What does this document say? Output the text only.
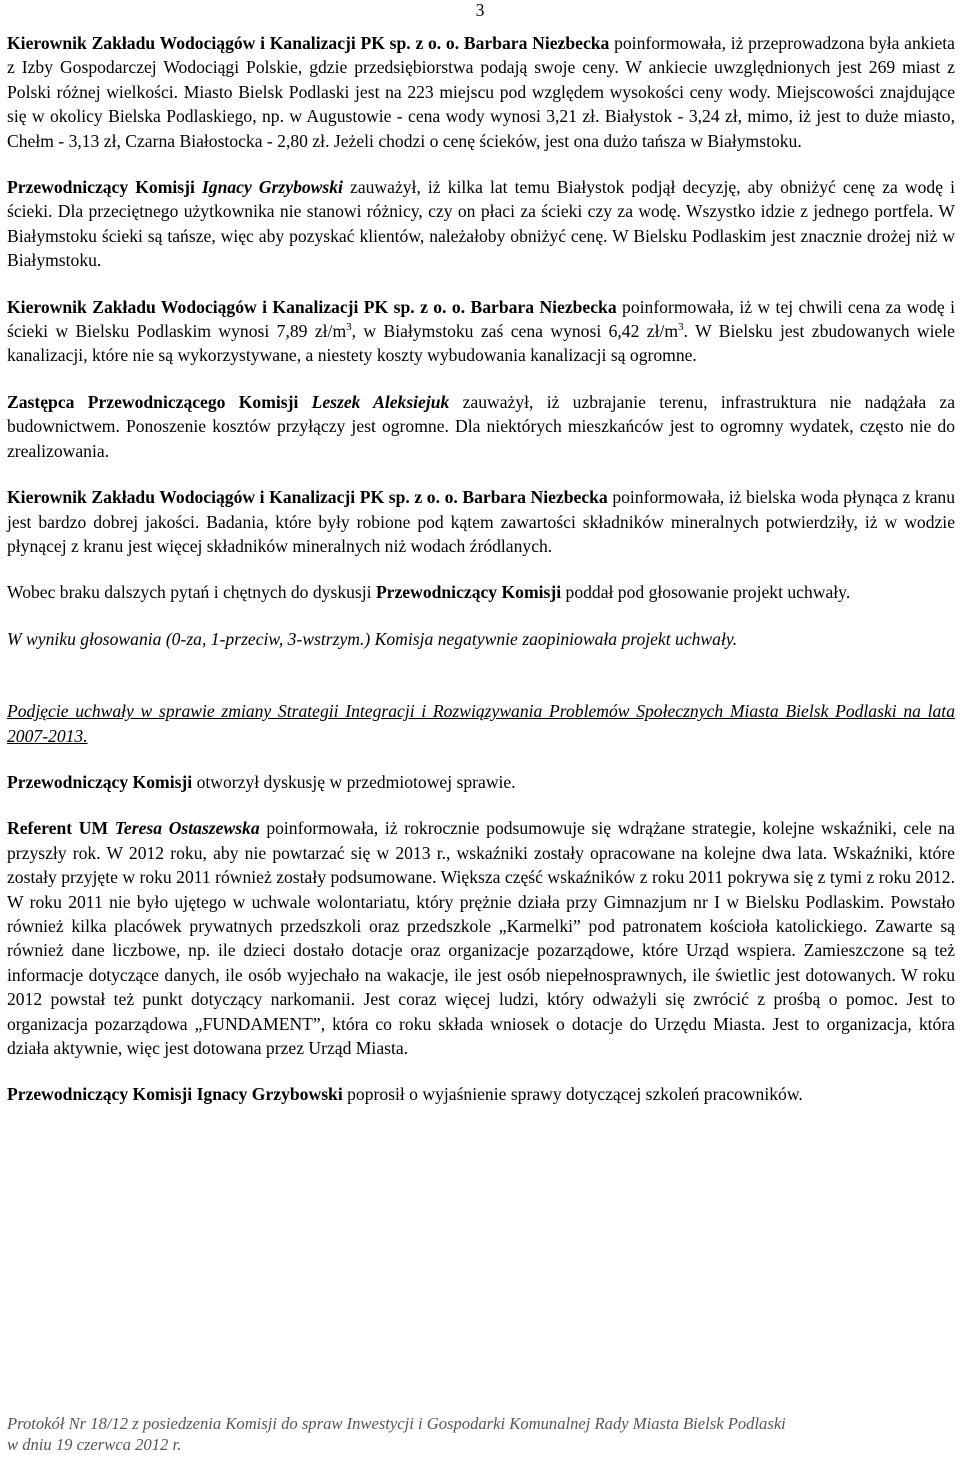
3

Kierownik Zakładu Wodociągów i Kanalizacji PK sp. z o. o. Barbara Niezbecka poinformowała, iż przeprowadzona była ankieta z Izby Gospodarczej Wodociągi Polskie, gdzie przedsiębiorstwa podają swoje ceny. W ankiecie uwzględnionych jest 269 miast z Polski różnej wielkości. Miasto Bielsk Podlaski jest na 223 miejscu pod względem wysokości ceny wody. Miejscowości znajdujące się w okolicy Bielska Podlaskiego, np. w Augustowie - cena wody wynosi 3,21 zł. Białystok - 3,24 zł, mimo, iż jest to duże miasto, Chełm - 3,13 zł, Czarna Białostocka - 2,80 zł. Jeżeli chodzi o cenę ścieków, jest ona dużo tańsza w Białymstoku.

Przewodniczący Komisji Ignacy Grzybowski zauważył, iż kilka lat temu Białystok podjął decyzję, aby obniżyć cenę za wodę i ścieki. Dla przeciętnego użytkownika nie stanowi różnicy, czy on płaci za ścieki czy za wodę. Wszystko idzie z jednego portfela. W Białymstoku ścieki są tańsze, więc aby pozyskać klientów, należałoby obniżyć cenę. W Bielsku Podlaskim jest znacznie drożej niż w Białymstoku.

Kierownik Zakładu Wodociągów i Kanalizacji PK sp. z o. o. Barbara Niezbecka poinformowała, iż w tej chwili cena za wodę i ścieki w Bielsku Podlaskim wynosi 7,89 $zł/m^3$, w Białymstoku zaś cena wynosi 6,42 $zł/m^3$. W Bielsku jest zbudowanych wiele kanalizacji, które nie są wykorzystywane, a niestety koszty wybudowania kanalizacji są ogromne.

Zastępca Przewodniczącego Komisji Leszek Aleksiejuk zauważył, iż uzbrajanie terenu, infrastruktura nie nadążała za budownictwem. Ponoszenie kosztów przyłączy jest ogromne. Dla niektórych mieszkańców jest to ogromny wydatek, często nie do zrealizowania.

Kierownik Zakładu Wodociągów i Kanalizacji PK sp. z o. o. Barbara Niezbecka poinformowała, iż bielska woda płynąca z kranu jest bardzo dobrej jakości. Badania, które były robione pod kątem zawartości składników mineralnych potwierdziły, iż w wodzie płynącej z kranu jest więcej składników mineralnych niż wodach źródlanych.

Wobec braku dalszych pytań i chętnych do dyskusji Przewodniczący Komisji poddał pod głosowanie projekt uchwały.

W wyniku głosowania (0-za, 1-przeciw, 3-wstrzym.) Komisja negatywnie zaopiniowała projekt uchwały.

Podjęcie uchwały w sprawie zmiany Strategii Integracji i Rozwiązywania Problemów Społecznych Miasta Bielsk Podlaski na lata 2007-2013.

Przewodniczący Komisji otworzył dyskusję w przedmiotowej sprawie.

Referent UM Teresa Ostaszewska poinformowała, iż rokrocznie podsumowuje się wdrążane strategie, kolejne wskaźniki, cele na przyszły rok. W 2012 roku, aby nie powtarzać się w 2013 r., wskaźniki zostały opracowane na kolejne dwa lata. Wskaźniki, które zostały przyjęte w roku 2011 również zostały podsumowane. Większa część wskaźników z roku 2011 pokrywa się z tymi z roku 2012. W roku 2011 nie było ujętego w uchwale wolontariatu, który prężnie działa przy Gimnazjum nr I w Bielsku Podlaskim. Powstało również kilka placówek prywatnych przedszkoli oraz przedszkole „Karmelki” pod patronatem kościoła katolickiego. Zawarte są również dane liczbowe, np. ile dzieci dostało dotacje oraz organizacje pozarządowe, które Urząd wspiera. Zamieszczone są też informacje dotyczące danych, ile osób wyjechało na wakacje, ile jest osób niepełnosprawnych, ile świetlic jest dotowanych. W roku 2012 powstał też punkt dotyczący narkomanii. Jest coraz więcej ludzi, który odważyli się zwrócić z prośbą o pomoc. Jest to organizacja pozarządowa „FUNDAMENT”, która co roku składa wniosek o dotacje do Urzędu Miasta. Jest to organizacja, która działa aktywnie, więc jest dotowana przez Urząd Miasta.

Przewodniczący Komisji Ignacy Grzybowski poprosił o wyjaśnienie sprawy dotyczącej szkoleń pracowników.

Protokół Nr 18/12 z posiedzenia Komisji do spraw Inwestycji i Gospodarki Komunalnej Rady Miasta Bielsk Podlaski
w dniu 19 czerwca 2012 r.
